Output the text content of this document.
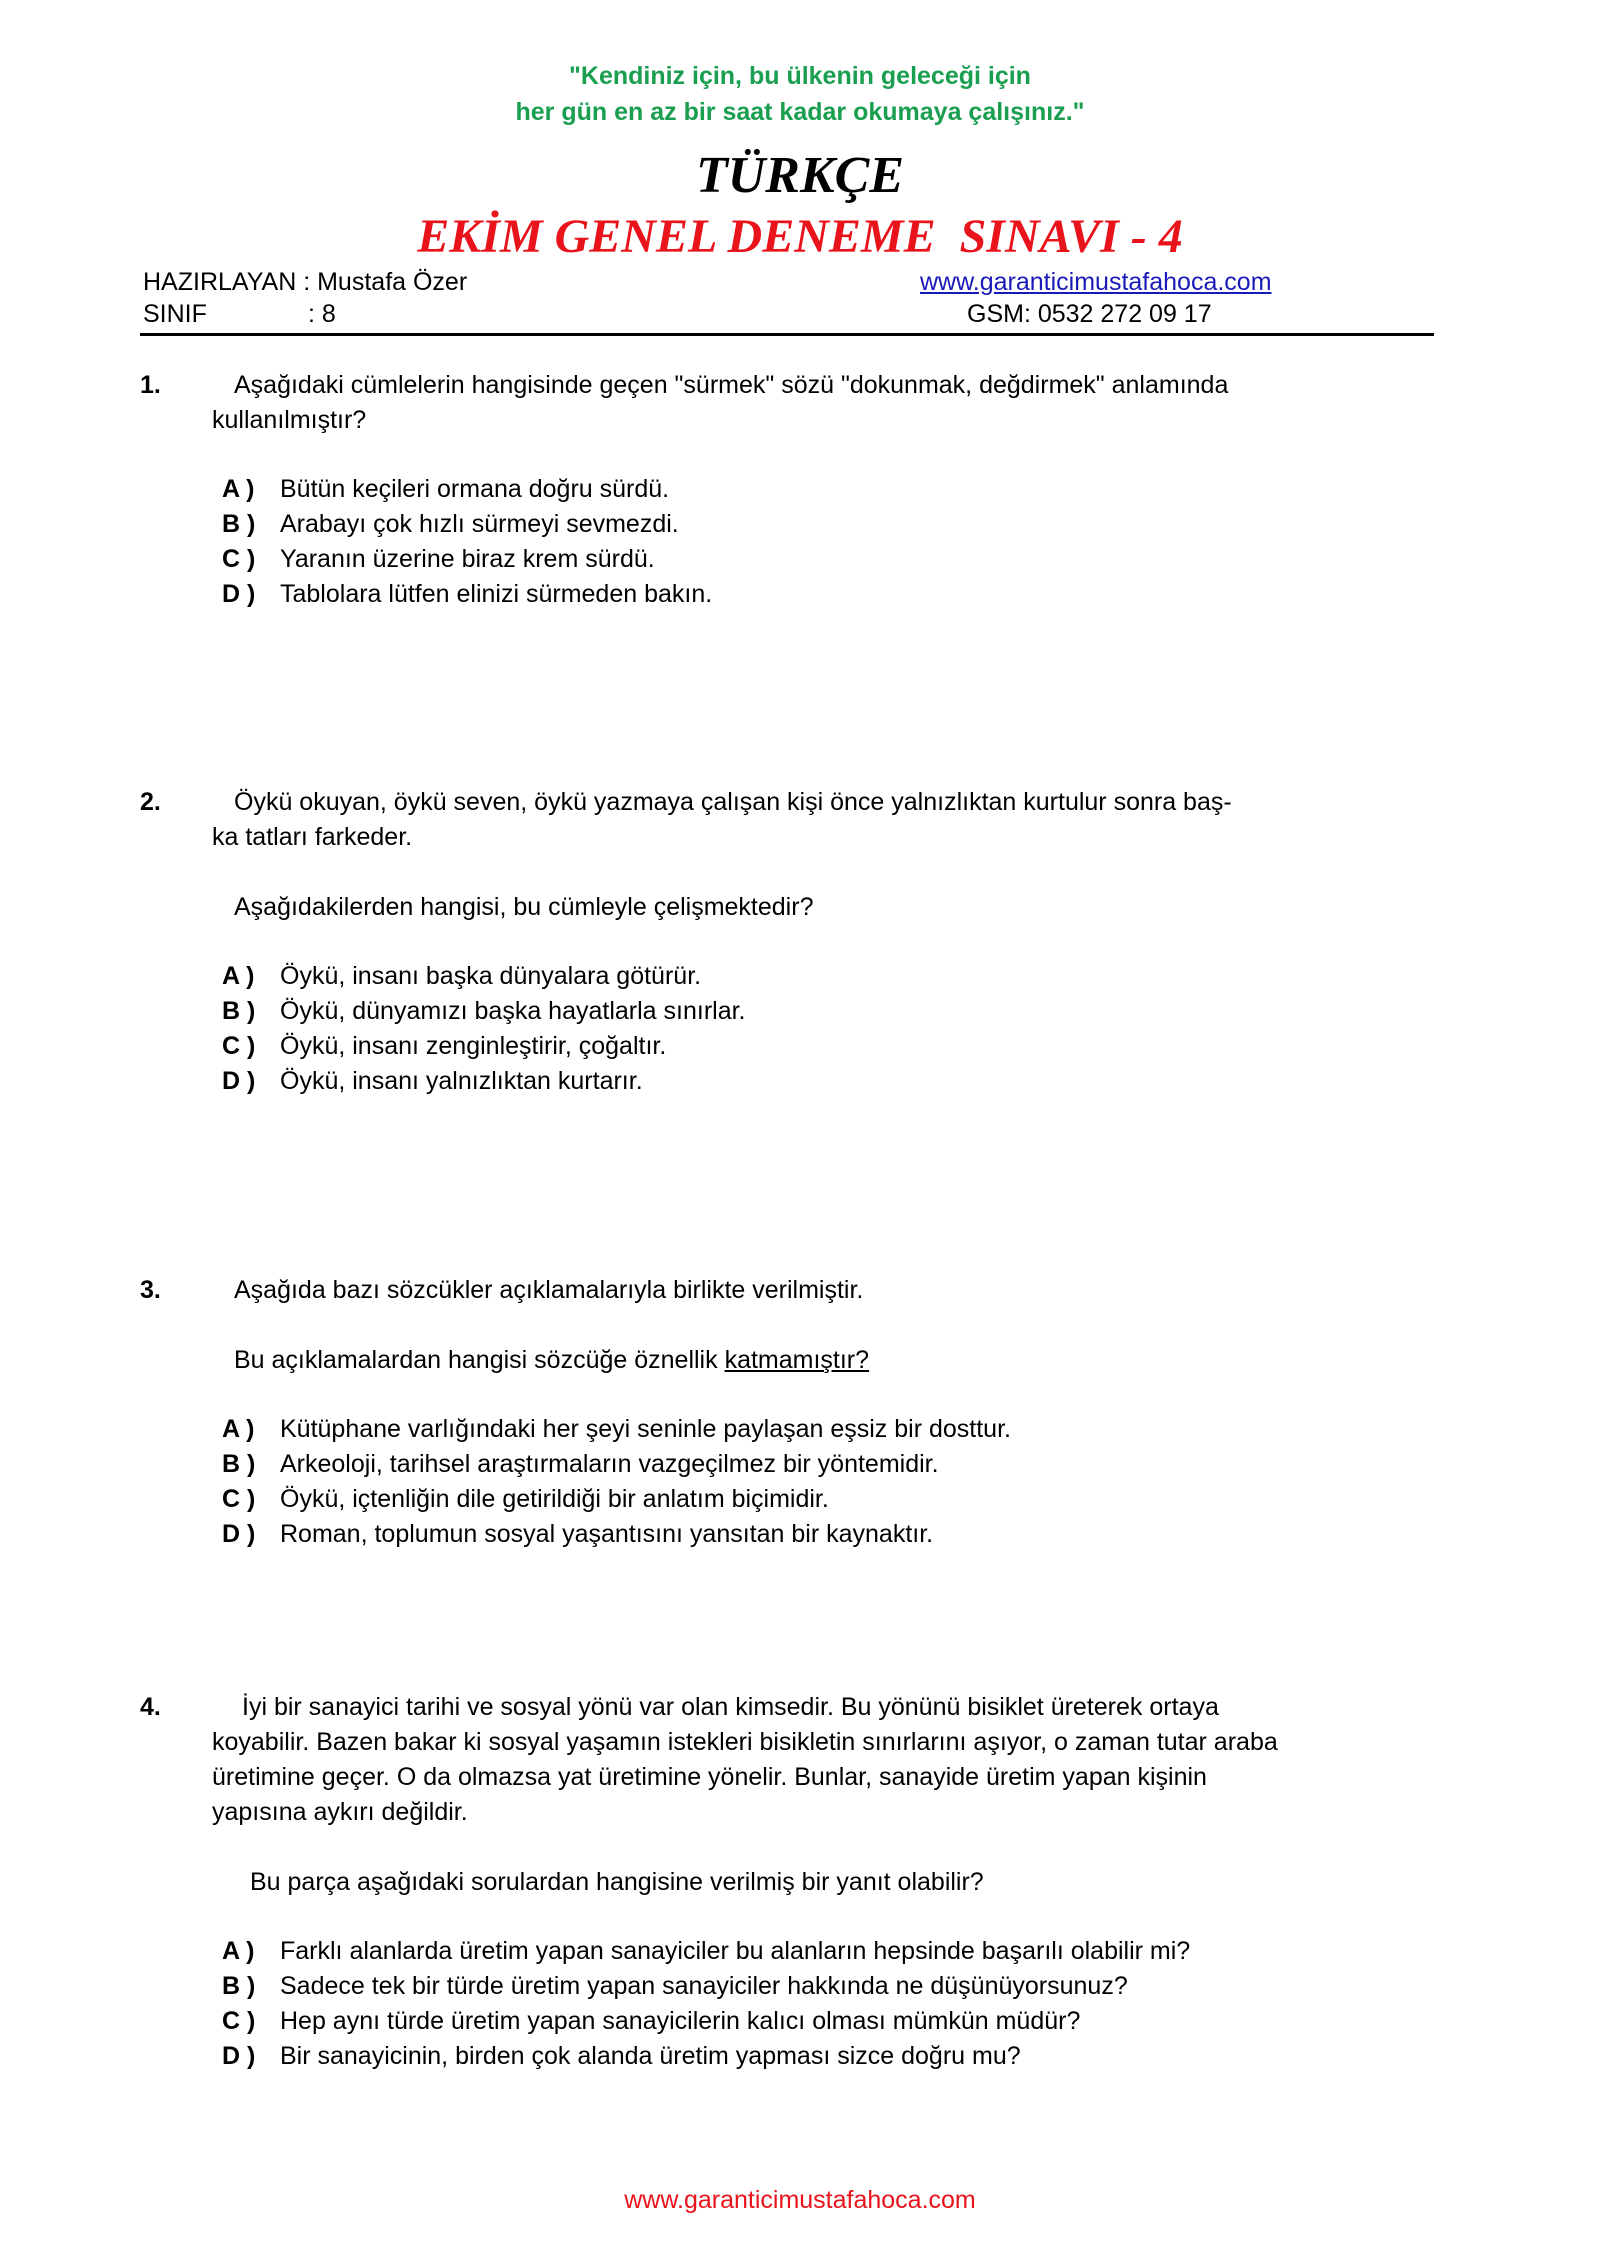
"Kendiniz için, bu ülkenin geleceği için
her gün en az bir saat kadar okumaya çalışınız."
TÜRKÇE
EKİM GENEL DENEME  SINAVI - 4
HAZIRLAYAN : Mustafa Özer	www.garanticimustafahoca.com
SINIF	: 8	GSM: 0532 272 09 17
1.	Aşağıdaki cümlelerin hangisinde geçen "sürmek" sözü "dokunmak, değdirmek" anlamında
kullanılmıştır?
A )	Bütün keçileri ormana doğru sürdü.
B ) Arabayı çok hızlı sürmeyi sevmezdi.
C ) Yaranın üzerine biraz krem sürdü.
D ) Tablolara lütfen elinizi sürmeden bakın.
2.	Öykü okuyan, öykü seven, öykü yazmaya çalışan kişi önce yalnızlıktan kurtulur sonra baş-
ka tatları farkeder.
Aşağıdakilerden hangisi, bu cümleyle çelişmektedir?
A )	Öykü, insanı başka dünyalara götürür.
B ) Öykü, dünyamızı başka hayatlarla sınırlar.
C ) Öykü, insanı zenginleştirir, çoğaltır.
D ) Öykü, insanı yalnızlıktan kurtarır.
3.	Aşağıda bazı sözcükler açıklamalarıyla birlikte verilmiştir.
Bu açıklamalardan hangisi sözcüğe öznellik katmamıştır?
A )	Kütüphane varlığındaki her şeyi seninle paylaşan eşsiz bir dosttur.
B ) Arkeoloji, tarihsel araştırmaların vazgeçilmez bir yöntemidir.
C ) Öykü, içtenliğin dile getirildiği bir anlatım biçimidir.
D ) Roman, toplumun sosyal yaşantısını yansıtan bir kaynaktır.
4.	İyi bir sanayici tarihi ve sosyal yönü var olan kimsedir. Bu yönünü bisiklet üreterek ortaya
koyabilir. Bazen bakar ki sosyal yaşamın istekleri bisikletin sınırlarını aşıyor, o zaman tutar araba
üretimine geçer. O da olmazsa yat üretimine yönelir. Bunlar, sanayide üretim yapan kişinin
yapısına aykırı değildir.
Bu parça aşağıdaki sorulardan hangisine verilmiş bir yanıt olabilir?
A )	Farklı alanlarda üretim yapan sanayiciler bu alanların hepsinde başarılı olabilir mi?
B ) Sadece tek bir türde üretim yapan sanayiciler hakkında ne düşünüyorsunuz?
C ) Hep aynı türde üretim yapan sanayicilerin kalıcı olması mümkün müdür?
D ) Bir sanayicinin, birden çok alanda üretim yapması sizce doğru mu?
www.garanticimustafahoca.com
